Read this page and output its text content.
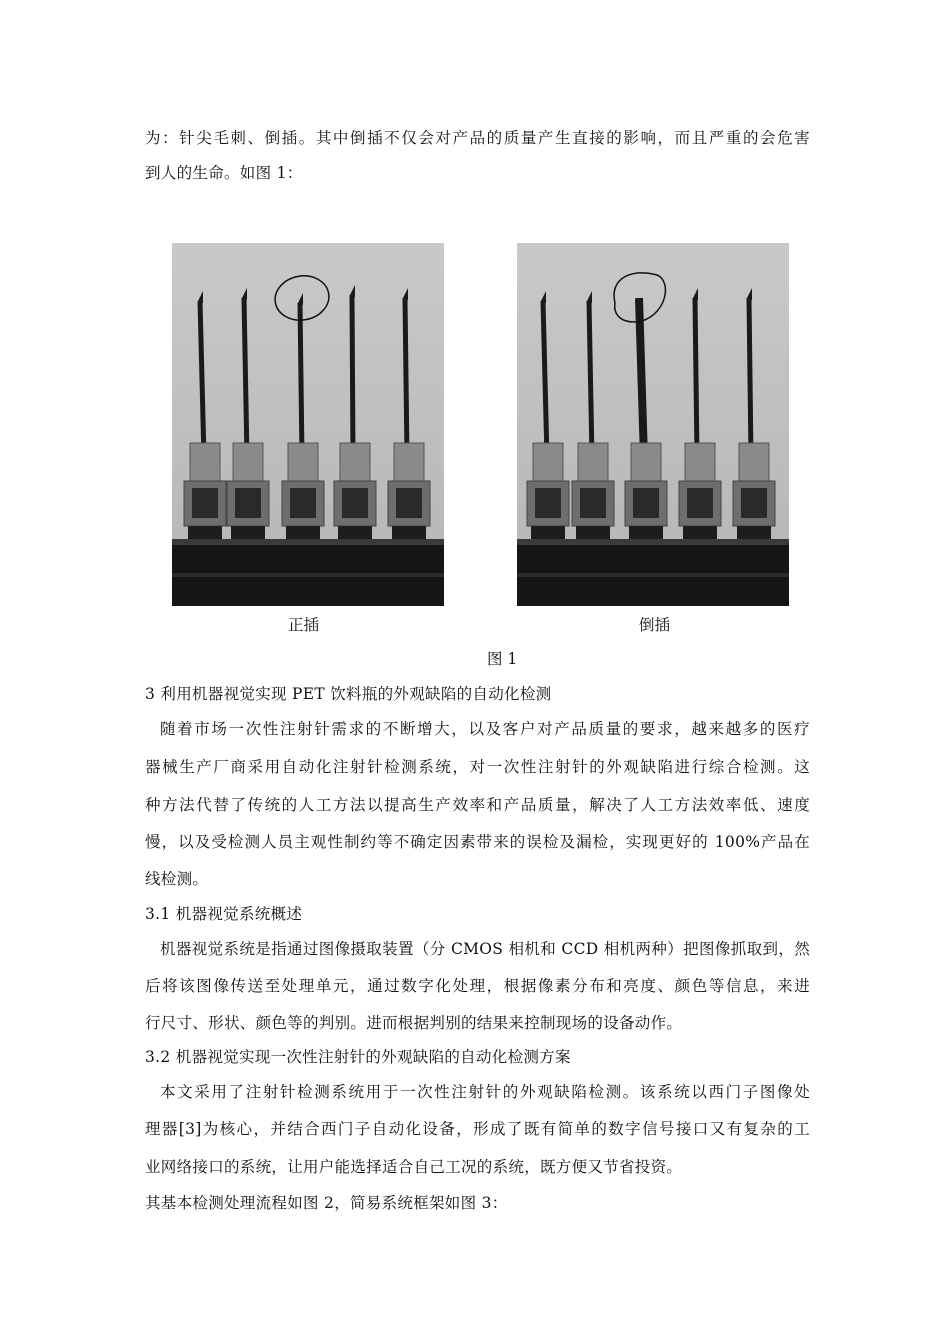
为：针尖毛刺、倒插。其中倒插不仅会对产品的质量产生直接的影响，而且严重的会危害
到人的生命。如图 1：
正插	倒插
图 1
3 利用机器视觉实现 PET 饮料瓶的外观缺陷的自动化检测
随着市场一次性注射针需求的不断增大，以及客户对产品质量的要求，越来越多的医疗
器械生产厂商采用自动化注射针检测系统，对一次性注射针的外观缺陷进行综合检测。这
种方法代替了传统的人工方法以提高生产效率和产品质量，解决了人工方法效率低、速度
慢，以及受检测人员主观性制约等不确定因素带来的误检及漏检，实现更好的 100%产品在
线检测。
3.1 机器视觉系统概述
机器视觉系统是指通过图像摄取装置（分 CMOS 相机和 CCD 相机两种）把图像抓取到，然
后将该图像传送至处理单元，通过数字化处理，根据像素分布和亮度、颜色等信息，来进
行尺寸、形状、颜色等的判别。进而根据判别的结果来控制现场的设备动作。
3.2 机器视觉实现一次性注射针的外观缺陷的自动化检测方案
本文采用了注射针检测系统用于一次性注射针的外观缺陷检测。该系统以西门子图像处
理器[3]为核心，并结合西门子自动化设备，形成了既有简单的数字信号接口又有复杂的工
业网络接口的系统，让用户能选择适合自己工况的系统，既方便又节省投资。
其基本检测处理流程如图 2，简易系统框架如图 3：
